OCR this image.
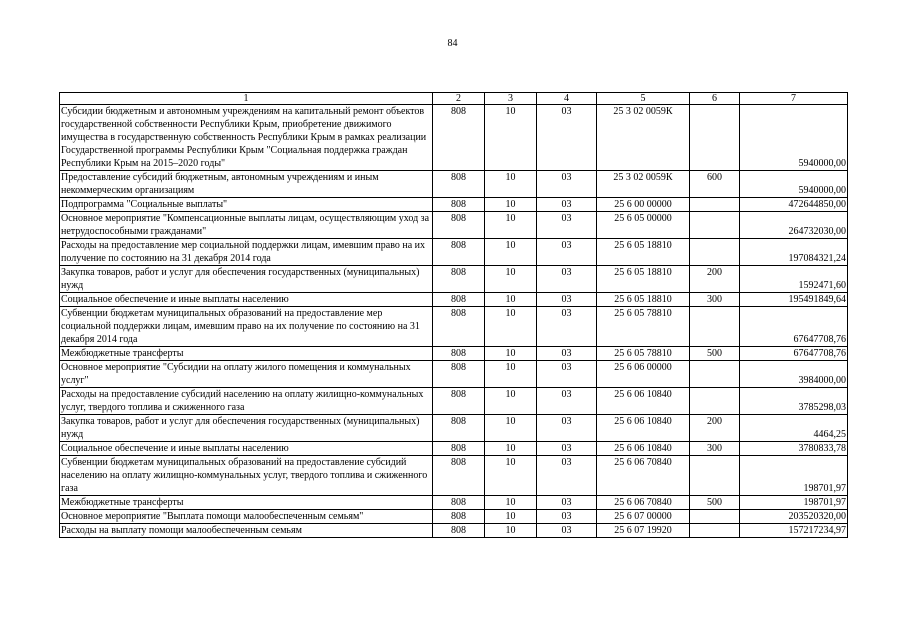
84
1	2	3	4	5	6	7
Субсидии бюджетным и автономным учреждениям на капитальный ремонт объектов государственной собственности Республики Крым, приобретение движимого имущества в государственную собственность Республики Крым в рамках реализации Государственной программы Республики Крым "Социальная поддержка граждан Республики Крым на 2015–2020 годы"	808	10	03	25 3 02 0059К		5940000,00
Предоставление субсидий бюджетным, автономным учреждениям и иным некоммерческим организациям	808	10	03	25 3 02 0059К	600	5940000,00
Подпрограмма "Социальные выплаты"	808	10	03	25 6 00 00000		472644850,00
Основное мероприятие "Компенсационные выплаты лицам, осуществляющим уход за нетрудоспособными гражданами"	808	10	03	25 6 05 00000		264732030,00
Расходы на предоставление мер социальной поддержки лицам, имевшим право на их получение по состоянию на 31 декабря 2014 года	808	10	03	25 6 05 18810		197084321,24
Закупка товаров, работ и услуг для обеспечения государственных (муниципальных) нужд	808	10	03	25 6 05 18810	200	1592471,60
Социальное обеспечение и иные выплаты населению	808	10	03	25 6 05 18810	300	195491849,64
Субвенции бюджетам муниципальных образований на предоставление мер социальной поддержки лицам, имевшим право на их получение по состоянию на 31 декабря 2014 года	808	10	03	25 6 05 78810		67647708,76
Межбюджетные трансферты	808	10	03	25 6 05 78810	500	67647708,76
Основное мероприятие "Субсидии на оплату жилого помещения и коммунальных услуг"	808	10	03	25 6 06 00000		3984000,00
Расходы на предоставление субсидий населению на оплату жилищно-коммунальных услуг, твердого топлива и сжиженного газа	808	10	03	25 6 06 10840		3785298,03
Закупка товаров, работ и услуг для обеспечения государственных (муниципальных) нужд	808	10	03	25 6 06 10840	200	4464,25
Социальное обеспечение и иные выплаты населению	808	10	03	25 6 06 10840	300	3780833,78
Субвенции бюджетам муниципальных образований на предоставление субсидий населению на оплату жилищно-коммунальных услуг, твердого топлива и сжиженного газа	808	10	03	25 6 06 70840		198701,97
Межбюджетные трансферты	808	10	03	25 6 06 70840	500	198701,97
Основное мероприятие "Выплата помощи малообеспеченным семьям"	808	10	03	25 6 07 00000		203520320,00
Расходы на выплату помощи малообеспеченным семьям	808	10	03	25 6 07 19920		157217234,97
